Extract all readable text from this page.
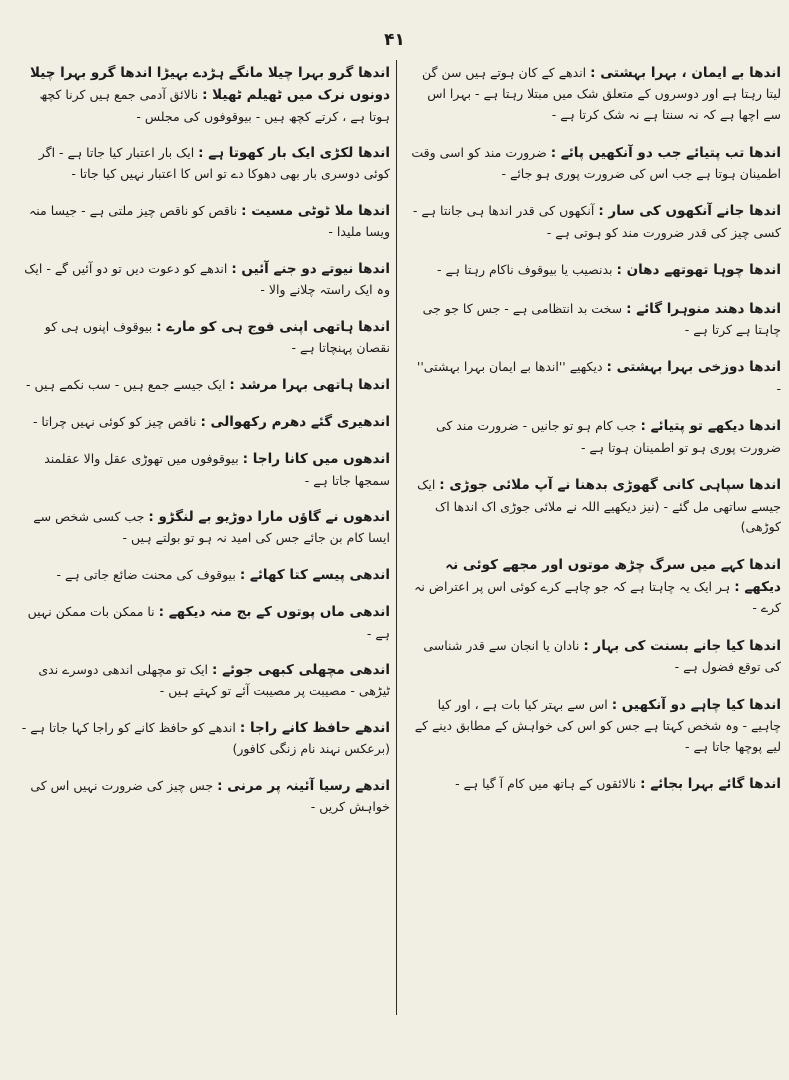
۴۱

اندھا بے ایمان ، بہرا بہشتی : اندھے کے کان ہوتے ہیں سن گن لیتا رہتا ہے اور دوسروں کے متعلق شک میں مبتلا رہتا ہے - بہرا اس سے اچھا ہے کہ نہ سنتا ہے نہ شک کرتا ہے -

اندھا تب پتیائے جب دو آنکھیں پائے : ضرورت مند کو اسی وقت اطمینان ہوتا ہے جب اس کی ضرورت پوری ہو جائے -

اندھا جانے آنکھوں کی سار : آنکھوں کی قدر اندھا ہی جانتا ہے - کسی چیز کی قدر ضرورت مند کو ہوتی ہے -

اندھا چوہا تھوتھے دھان : بدنصیب یا بیوقوف ناکام رہتا ہے -

اندھا دھند منوہرا گائے : سخت بد انتظامی ہے - جس کا جو جی چاہتا ہے کرتا ہے -

اندھا دوزخی بہرا بہشتی : دیکھیے ''اندھا بے ایمان بہرا بہشتی'' -

اندھا دیکھے تو پتیائے : جب کام ہو تو جانیں - ضرورت مند کی ضرورت پوری ہو تو اطمینان ہوتا ہے -

اندھا سپاہی کانی گھوڑی بدھنا نے آپ ملائی جوڑی : ایک جیسے ساتھی مل گئے - (نیز دیکھیے اللہ نے ملائی جوڑی اک اندھا اک کوڑھی)

اندھا کہے میں سرگ چڑھ موتوں اور مجھے کوئی نہ دیکھے : ہر ایک یہ چاہتا ہے کہ جو چاہے کرے کوئی اس پر اعتراض نہ کرے -

اندھا کیا جانے بسنت کی بہار : نادان یا انجان سے قدر شناسی کی توقع فضول ہے -

اندھا کیا چاہے دو آنکھیں : اس سے بہتر کیا بات ہے ، اور کیا چاہیے - وہ شخص کہتا ہے جس کو اس کی خواہش کے مطابق دینے کے لیے پوچھا جاتا ہے -

اندھا گائے بہرا بجائے : نالائقوں کے ہاتھ میں کام آ گیا ہے -

اندھا گرو بہرا چیلا مانگے ہڑدے بہیڑا اندھا گرو بہرا چیلا دونوں نرک میں ٹھیلم ٹھیلا : نالائق آدمی جمع ہیں کرنا کچھ ہوتا ہے ، کرتے کچھ ہیں - بیوقوفوں کی مجلس -

اندھا لکڑی ایک بار کھوتا ہے : ایک بار اعتبار کیا جاتا ہے - اگر کوئی دوسری بار بھی دھوکا دے تو اس کا اعتبار نہیں کیا جاتا -

اندھا ملا ٹوٹی مسیت : ناقص کو ناقص چیز ملتی ہے - جیسا منہ ویسا ملیدا -

اندھا نیوتے دو جنے آئیں : اندھے کو دعوت دیں تو دو آئیں گے - ایک وہ ایک راستہ چلانے والا -

اندھا ہاتھی اپنی فوج ہی کو مارے : بیوقوف اپنوں ہی کو نقصان پہنچاتا ہے -

اندھا ہاتھی بہرا مرشد : ایک جیسے جمع ہیں - سب نکمے ہیں -

اندھیری گئے دھرم رکھوالی : ناقص چیز کو کوئی نہیں چراتا -

اندھوں میں کانا راجا : بیوقوفوں میں تھوڑی عقل والا عقلمند سمجھا جاتا ہے -

اندھوں نے گاؤں مارا دوڑیو بے لنگڑو : جب کسی شخص سے ایسا کام بن جائے جس کی امید نہ ہو تو بولتے ہیں -

اندھی پیسے کتا کھائے : بیوقوف کی محنت ضائع جاتی ہے -

اندھی ماں پوتوں کے بج منہ دیکھے : نا ممکن بات ممکن نہیں ہے -

اندھی مچھلی کبھی جوئے : ایک تو مچھلی اندھی دوسرے ندی ٹیڑھی - مصیبت پر مصیبت آئے تو کہتے ہیں -

اندھے حافظ کانے راجا : اندھے کو حافظ کانے کو راجا کہا جاتا ہے - (برعکس نہند نام زنگی کافور)

اندھے رسیا آئینہ پر مرنی : جس چیز کی ضرورت نہیں اس کی خواہش کریں -
